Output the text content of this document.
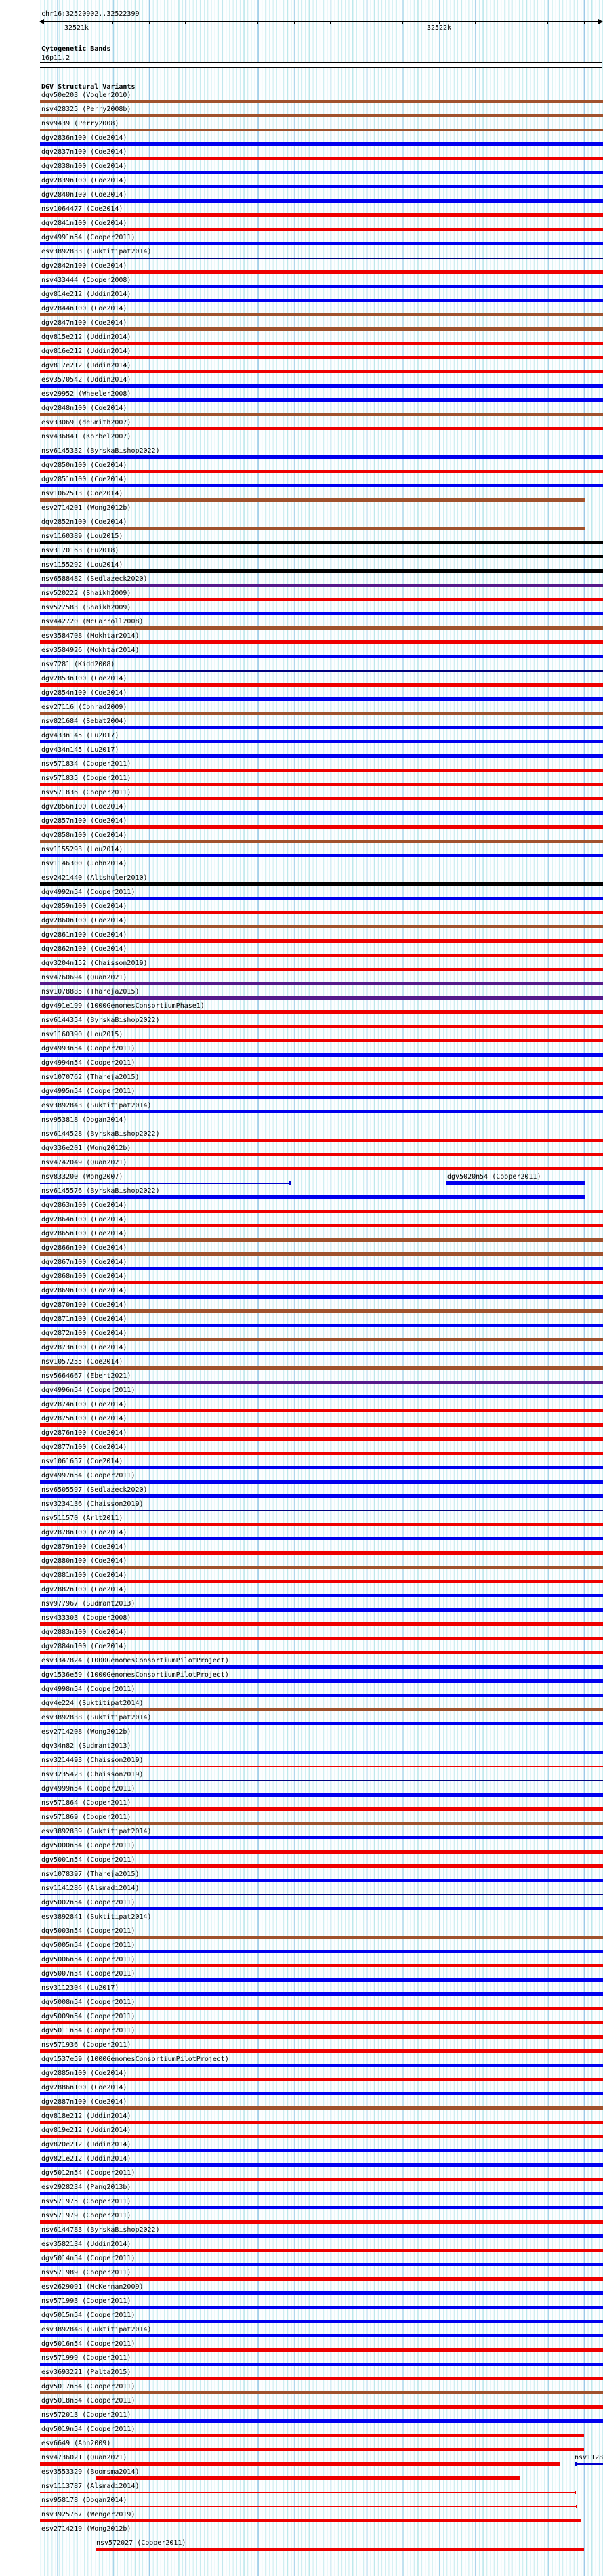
chr16:32520902..32522399
32521k	32522k
Cytogenetic Bands
16p11.2
DGV Structural Variants
dgv50e203 (Vogler2010)
nsv428325 (Perry2008b)
nsv9439 (Perry2008)
dgv2836n100 (Coe2014)
dgv2837n100 (Coe2014)
dgv2838n100 (Coe2014)
dgv2839n100 (Coe2014)
dgv2840n100 (Coe2014)
nsv1064477 (Coe2014)
dgv2841n100 (Coe2014)
dgv4991n54 (Cooper2011)
esv3892833 (Suktitipat2014)
dgv2842n100 (Coe2014)
nsv433444 (Cooper2008)
dgv814e212 (Uddin2014)
dgv2844n100 (Coe2014)
dgv2847n100 (Coe2014)
dgv815e212 (Uddin2014)
dgv816e212 (Uddin2014)
dgv817e212 (Uddin2014)
esv3570542 (Uddin2014)
esv29952 (Wheeler2008)
dgv2848n100 (Coe2014)
esv33069 (deSmith2007)
nsv436841 (Korbel2007)
nsv6145332 (ByrskaBishop2022)
dgv2850n100 (Coe2014)
dgv2851n100 (Coe2014)
nsv1062513 (Coe2014)
esv2714201 (Wong2012b)
dgv2852n100 (Coe2014)
nsv1160389 (Lou2015)
nsv3170163 (Fu2018)
nsv1155292 (Lou2014)
nsv6588482 (Sedlazeck2020)
nsv520222 (Shaikh2009)
nsv527583 (Shaikh2009)
nsv442720 (McCarroll2008)
esv3584708 (Mokhtar2014)
esv3584926 (Mokhtar2014)
nsv7281 (Kidd2008)
dgv2853n100 (Coe2014)
dgv2854n100 (Coe2014)
esv27116 (Conrad2009)
nsv821684 (Sebat2004)
dgv433n145 (Lu2017)
dgv434n145 (Lu2017)
nsv571834 (Cooper2011)
nsv571835 (Cooper2011)
nsv571836 (Cooper2011)
dgv2856n100 (Coe2014)
dgv2857n100 (Coe2014)
dgv2858n100 (Coe2014)
nsv1155293 (Lou2014)
nsv1146300 (John2014)
esv2421440 (Altshuler2010)
dgv4992n54 (Cooper2011)
dgv2859n100 (Coe2014)
dgv2860n100 (Coe2014)
dgv2861n100 (Coe2014)
dgv2862n100 (Coe2014)
dgv3204n152 (Chaisson2019)
nsv4760694 (Quan2021)
nsv1078885 (Thareja2015)
dgv491e199 (1000GenomesConsortiumPhase1)
nsv6144354 (ByrskaBishop2022)
nsv1160390 (Lou2015)
dgv4993n54 (Cooper2011)
dgv4994n54 (Cooper2011)
nsv1070762 (Thareja2015)
dgv4995n54 (Cooper2011)
esv3892843 (Suktitipat2014)
nsv953818 (Dogan2014)
nsv6144528 (ByrskaBishop2022)
dgv336e201 (Wong2012b)
nsv4742049 (Quan2021)
nsv833200 (Wong2007)	dgv5020n54 (Cooper2011)
nsv6145576 (ByrskaBishop2022)
dgv2863n100 (Coe2014)
dgv2864n100 (Coe2014)
dgv2865n100 (Coe2014)
dgv2866n100 (Coe2014)
dgv2867n100 (Coe2014)
dgv2868n100 (Coe2014)
dgv2869n100 (Coe2014)
dgv2870n100 (Coe2014)
dgv2871n100 (Coe2014)
dgv2872n100 (Coe2014)
dgv2873n100 (Coe2014)
nsv1057255 (Coe2014)
nsv5664667 (Ebert2021)
dgv4996n54 (Cooper2011)
dgv2874n100 (Coe2014)
dgv2875n100 (Coe2014)
dgv2876n100 (Coe2014)
dgv2877n100 (Coe2014)
nsv1061657 (Coe2014)
dgv4997n54 (Cooper2011)
nsv6505597 (Sedlazeck2020)
nsv3234136 (Chaisson2019)
nsv511570 (Arlt2011)
dgv2878n100 (Coe2014)
dgv2879n100 (Coe2014)
dgv2880n100 (Coe2014)
dgv2881n100 (Coe2014)
dgv2882n100 (Coe2014)
nsv977967 (Sudmant2013)
nsv433303 (Cooper2008)
dgv2883n100 (Coe2014)
dgv2884n100 (Coe2014)
esv3347824 (1000GenomesConsortiumPilotProject)
dgv1536e59 (1000GenomesConsortiumPilotProject)
dgv4998n54 (Cooper2011)
dgv4e224 (Suktitipat2014)
esv3892838 (Suktitipat2014)
esv2714208 (Wong2012b)
dgv34n82 (Sudmant2013)
nsv3214493 (Chaisson2019)
nsv3235423 (Chaisson2019)
dgv4999n54 (Cooper2011)
nsv571864 (Cooper2011)
nsv571869 (Cooper2011)
esv3892839 (Suktitipat2014)
dgv5000n54 (Cooper2011)
dgv5001n54 (Cooper2011)
nsv1078397 (Thareja2015)
nsv1141286 (Alsmadi2014)
dgv5002n54 (Cooper2011)
esv3892841 (Suktitipat2014)
dgv5003n54 (Cooper2011)
dgv5005n54 (Cooper2011)
dgv5006n54 (Cooper2011)
dgv5007n54 (Cooper2011)
nsv3112304 (Lu2017)
dgv5008n54 (Cooper2011)
dgv5009n54 (Cooper2011)
dgv5011n54 (Cooper2011)
nsv571936 (Cooper2011)
dgv1537e59 (1000GenomesConsortiumPilotProject)
dgv2885n100 (Coe2014)
dgv2886n100 (Coe2014)
dgv2887n100 (Coe2014)
dgv818e212 (Uddin2014)
dgv819e212 (Uddin2014)
dgv820e212 (Uddin2014)
dgv821e212 (Uddin2014)
dgv5012n54 (Cooper2011)
esv2928234 (Pang2013b)
nsv571975 (Cooper2011)
nsv571979 (Cooper2011)
nsv6144783 (ByrskaBishop2022)
esv3582134 (Uddin2014)
dgv5014n54 (Cooper2011)
nsv571989 (Cooper2011)
esv2629091 (McKernan2009)
nsv571993 (Cooper2011)
dgv5015n54 (Cooper2011)
esv3892848 (Suktitipat2014)
dgv5016n54 (Cooper2011)
nsv571999 (Cooper2011)
esv3693221 (Palta2015)
dgv5017n54 (Cooper2011)
dgv5018n54 (Cooper2011)
nsv572013 (Cooper2011)
dgv5019n54 (Cooper2011)
esv6649 (Ahn2009)
nsv4736021 (Quan2021)	nsv1128
esv3553329 (Boomsma2014)
nsv1113787 (Alsmadi2014)
nsv958178 (Dogan2014)
nsv3925767 (Wenger2019)
esv2714219 (Wong2012b)
nsv572027 (Cooper2011)
